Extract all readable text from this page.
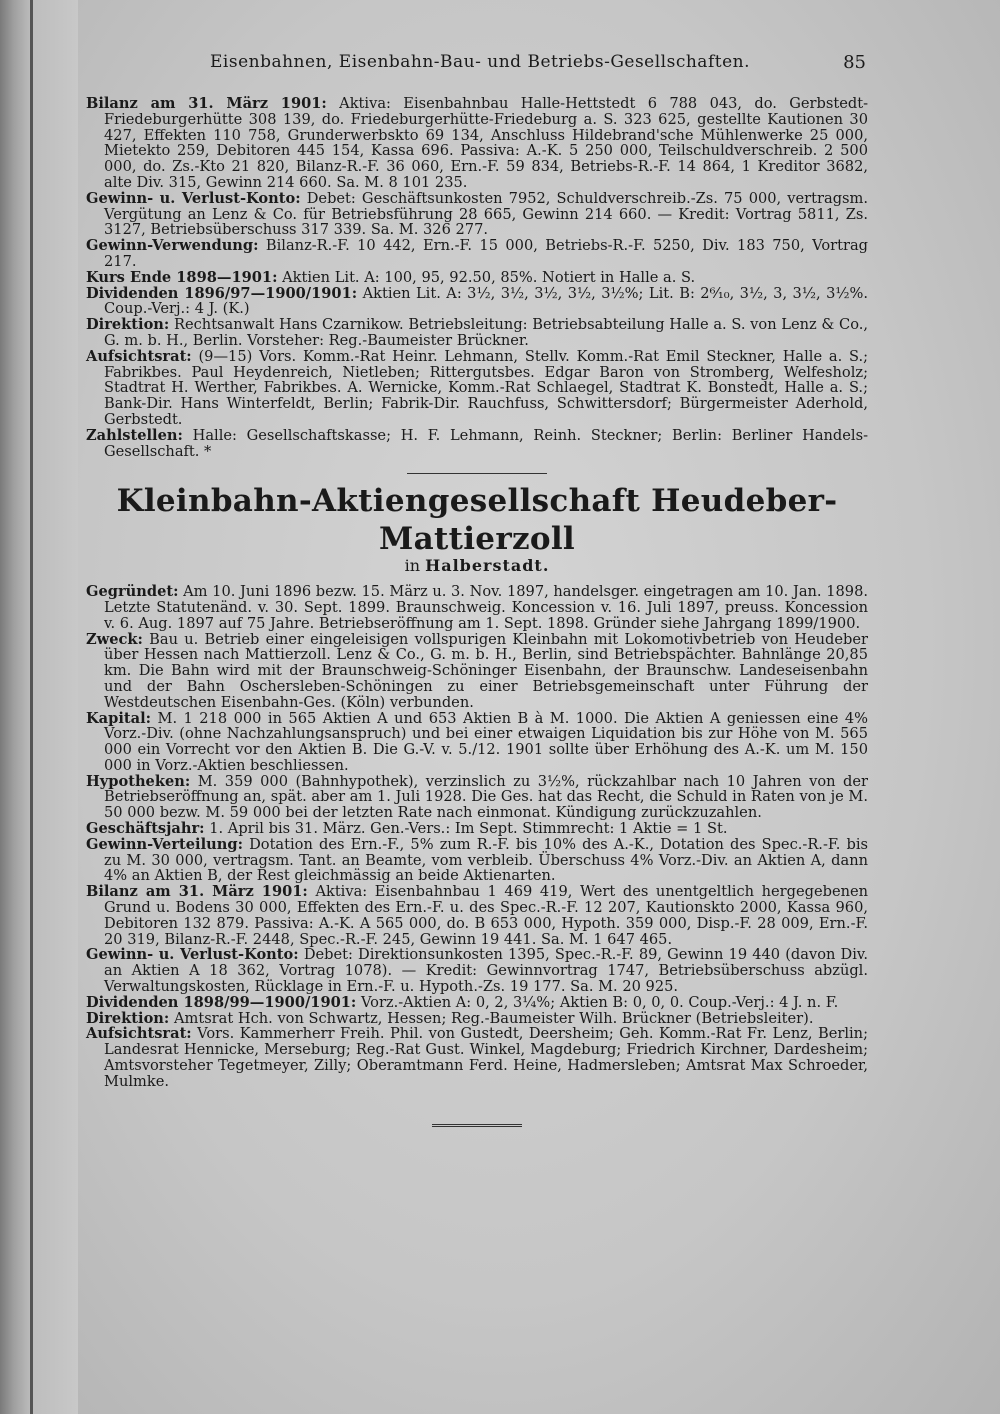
Eisenbahnen, Eisenbahn-Bau- und Betriebs-Gesellschaften.	85

Bilanz am 31. März 1901: Aktiva: Eisenbahnbau Halle-Hettstedt 6 788 043, do. Gerbstedt-Friedeburgerhütte 308 139, do. Friedeburgerhütte-Friedeburg a. S. 323 625, gestellte Kautionen 30 427, Effekten 110 758, Grunderwerbskto 69 134, Anschluss Hildebrand'sche Mühlenwerke 25 000, Mietekto 259, Debitoren 445 154, Kassa 696. Passiva: A.-K. 5 250 000, Teilschuldverschreib. 2 500 000, do. Zs.-Kto 21 820, Bilanz-R.-F. 36 060, Ern.-F. 59 834, Betriebs-R.-F. 14 864, 1 Kreditor 3682, alte Div. 315, Gewinn 214 660. Sa. M. 8 101 235.

Gewinn- u. Verlust-Konto: Debet: Geschäftsunkosten 7952, Schuldverschreib.-Zs. 75 000, vertragsm. Vergütung an Lenz & Co. für Betriebsführung 28 665, Gewinn 214 660. — Kredit: Vortrag 5811, Zs. 3127, Betriebsüberschuss 317 339. Sa. M. 326 277.

Gewinn-Verwendung: Bilanz-R.-F. 10 442, Ern.-F. 15 000, Betriebs-R.-F. 5250, Div. 183 750, Vortrag 217.

Kurs Ende 1898—1901: Aktien Lit. A: 100, 95, 92.50, 85%. Notiert in Halle a. S.

Dividenden 1896/97—1900/1901: Aktien Lit. A: 3½, 3½, 3½, 3½, 3½%; Lit. B: 2⁶⁄₁₀, 3½, 3, 3½, 3½%. Coup.-Verj.: 4 J. (K.)

Direktion: Rechtsanwalt Hans Czarnikow. Betriebsleitung: Betriebsabteilung Halle a. S. von Lenz & Co., G. m. b. H., Berlin. Vorsteher: Reg.-Baumeister Brückner.

Aufsichtsrat: (9—15) Vors. Komm.-Rat Heinr. Lehmann, Stellv. Komm.-Rat Emil Steckner, Halle a. S.; Fabrikbes. Paul Heydenreich, Nietleben; Rittergutsbes. Edgar Baron von Stromberg, Welfesholz; Stadtrat H. Werther, Fabrikbes. A. Wernicke, Komm.-Rat Schlaegel, Stadtrat K. Bonstedt, Halle a. S.; Bank-Dir. Hans Winterfeldt, Berlin; Fabrik-Dir. Rauchfuss, Schwittersdorf; Bürgermeister Aderhold, Gerbstedt.

Zahlstellen: Halle: Gesellschaftskasse; H. F. Lehmann, Reinh. Steckner; Berlin: Berliner Handels-Gesellschaft. *

Kleinbahn-Aktiengesellschaft Heudeber-Mattierzoll

in Halberstadt.

Gegründet: Am 10. Juni 1896 bezw. 15. März u. 3. Nov. 1897, handelsger. eingetragen am 10. Jan. 1898. Letzte Statutenänd. v. 30. Sept. 1899. Braunschweig. Koncession v. 16. Juli 1897, preuss. Koncession v. 6. Aug. 1897 auf 75 Jahre. Betriebseröffnung am 1. Sept. 1898. Gründer siehe Jahrgang 1899/1900.

Zweck: Bau u. Betrieb einer eingeleisigen vollspurigen Kleinbahn mit Lokomotivbetrieb von Heudeber über Hessen nach Mattierzoll. Lenz & Co., G. m. b. H., Berlin, sind Betriebspächter. Bahnlänge 20,85 km. Die Bahn wird mit der Braunschweig-Schöninger Eisenbahn, der Braunschw. Landeseisenbahn und der Bahn Oschersleben-Schöningen zu einer Betriebsgemeinschaft unter Führung der Westdeutschen Eisenbahn-Ges. (Köln) verbunden.

Kapital: M. 1 218 000 in 565 Aktien A und 653 Aktien B à M. 1000. Die Aktien A geniessen eine 4% Vorz.-Div. (ohne Nachzahlungsanspruch) und bei einer etwaigen Liquidation bis zur Höhe von M. 565 000 ein Vorrecht vor den Aktien B. Die G.-V. v. 5./12. 1901 sollte über Erhöhung des A.-K. um M. 150 000 in Vorz.-Aktien beschliessen.

Hypotheken: M. 359 000 (Bahnhypothek), verzinslich zu 3½%, rückzahlbar nach 10 Jahren von der Betriebseröffnung an, spät. aber am 1. Juli 1928. Die Ges. hat das Recht, die Schuld in Raten von je M. 50 000 bezw. M. 59 000 bei der letzten Rate nach einmonat. Kündigung zurückzuzahlen.

Geschäftsjahr: 1. April bis 31. März. Gen.-Vers.: Im Sept. Stimmrecht: 1 Aktie = 1 St.

Gewinn-Verteilung: Dotation des Ern.-F., 5% zum R.-F. bis 10% des A.-K., Dotation des Spec.-R.-F. bis zu M. 30 000, vertragsm. Tant. an Beamte, vom verbleib. Überschuss 4% Vorz.-Div. an Aktien A, dann 4% an Aktien B, der Rest gleichmässig an beide Aktienarten.

Bilanz am 31. März 1901: Aktiva: Eisenbahnbau 1 469 419, Wert des unentgeltlich hergegebenen Grund u. Bodens 30 000, Effekten des Ern.-F. u. des Spec.-R.-F. 12 207, Kautionskto 2000, Kassa 960, Debitoren 132 879. Passiva: A.-K. A 565 000, do. B 653 000, Hypoth. 359 000, Disp.-F. 28 009, Ern.-F. 20 319, Bilanz-R.-F. 2448, Spec.-R.-F. 245, Gewinn 19 441. Sa. M. 1 647 465.

Gewinn- u. Verlust-Konto: Debet: Direktionsunkosten 1395, Spec.-R.-F. 89, Gewinn 19 440 (davon Div. an Aktien A 18 362, Vortrag 1078). — Kredit: Gewinnvortrag 1747, Betriebsüberschuss abzügl. Verwaltungskosten, Rücklage in Ern.-F. u. Hypoth.-Zs. 19 177. Sa. M. 20 925.

Dividenden 1898/99—1900/1901: Vorz.-Aktien A: 0, 2, 3¼%; Aktien B: 0, 0, 0. Coup.-Verj.: 4 J. n. F.

Direktion: Amtsrat Hch. von Schwartz, Hessen; Reg.-Baumeister Wilh. Brückner (Betriebsleiter).

Aufsichtsrat: Vors. Kammerherr Freih. Phil. von Gustedt, Deersheim; Geh. Komm.-Rat Fr. Lenz, Berlin; Landesrat Hennicke, Merseburg; Reg.-Rat Gust. Winkel, Magdeburg; Friedrich Kirchner, Dardesheim; Amtsvorsteher Tegetmeyer, Zilly; Oberamtmann Ferd. Heine, Hadmersleben; Amtsrat Max Schroeder, Mulmke.
